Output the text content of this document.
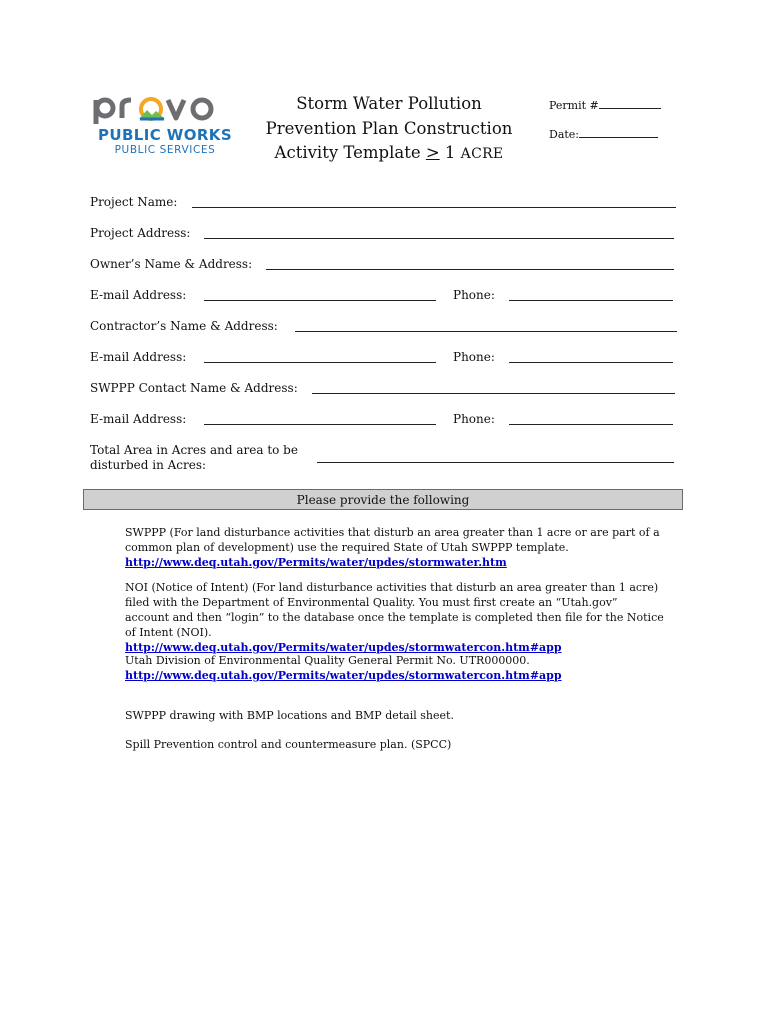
PUBLIC WORKS
PUBLIC SERVICES
Storm Water Pollution
Prevention Plan Construction
Activity Template ≥ 1 ACRE
Permit #
Date:
Project Name:
Project Address:
Owner’s Name & Address:
E-mail Address:	Phone:
Contractor’s Name & Address:
E-mail Address:	Phone:
SWPPP Contact Name & Address:
E-mail Address:	Phone:
Total Area in Acres and area to be
disturbed in Acres:
Please provide the following
SWPPP (For land disturbance activities that disturb an area greater than 1 acre or are part of a common plan of development) use the required State of Utah SWPPP template.
http://www.deq.utah.gov/Permits/water/updes/stormwater.htm
NOI (Notice of Intent) (For land disturbance activities that disturb an area greater than 1 acre) filed with the Department of Environmental Quality. You must first create an “Utah.gov” account and then “login” to the database once the template is completed then file for the Notice of Intent (NOI).
http://www.deq.utah.gov/Permits/water/updes/stormwatercon.htm#app
Utah Division of Environmental Quality General Permit No. UTR000000.
http://www.deq.utah.gov/Permits/water/updes/stormwatercon.htm#app
SWPPP drawing with BMP locations and BMP detail sheet.
Spill Prevention control and countermeasure plan. (SPCC)
